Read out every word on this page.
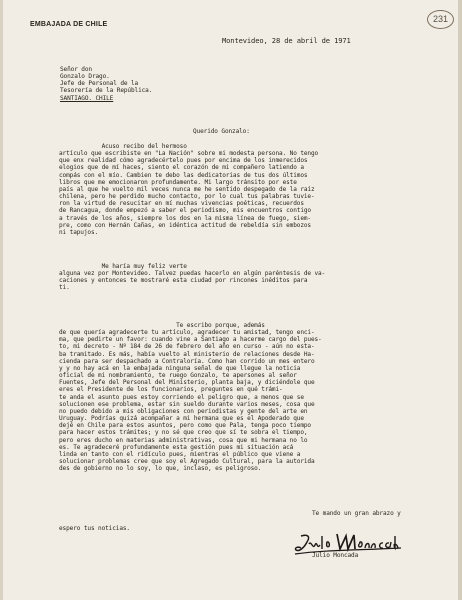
EMBAJADA DE CHILE
231
Montevideo, 28 de abril de 1971
Señor don
Gonzalo Drago.
Jefe de Personal de la
Tesorería de la República.
SANTIAGO. CHILE
Querido Gonzalo:
Acuso recibo del hermoso
artículo que escribiste en "La Nación" sobre mi modesta persona. No tengo
que enx realidad cómo agradecértelo pues por encima de los inmerecidos
elogios que de mí haces, siento el corazón de mi compañero latiendo a
compás con el mío. Cambien te debo las dedicatorias de tus dos últimos
libros que me emocionaron profundamente. Mi largo tránsito por este
país al que he vuelto mil veces nunca me he sentido despegado de la raíz
chilena, pero he perdido mucho contacto, por lo cual tus palabras tuvie-
ron la virtud de resucitar en mí muchas vivencias poéticas, recuerdos
de Rancagua, donde empezó a saber el periodismo, mis encuentros contigo
a través de los años, siempre los dos en la misma línea de fuego, siem-
pre, como con Hernán Cañas, en idéntica actitud de rebeldía sin embozos
ni tapujos.
Me haría muy feliz verte
alguna vez por Montevideo. Talvez puedas hacerlo en algún paréntesis de va-
caciones y entonces te mostraré esta ciudad por rincones inéditos para
ti.
Te escribo porque, además
de que quería agradecerte tu artículo, agradecer tu amistad, tengo enci-
ma, que pedirte un favor: cuando vine a Santiago a hacerme cargo del pues-
to, mi decreto - Nº 184 de 26 de febrero del año en curso - aún no esta-
ba tramitado. Es más, había vuelto al ministerio de relaciones desde Ha-
cienda para ser despachado a Contraloría. Como han corrido un mes entero
y y no hay acá en la embajada ninguna señal de que llegue la noticia
oficial de mi nombramiento, te ruego Gonzalo, te apersones al señor
Fuentes, Jefe del Personal del Ministerio, planta baja, y diciéndole que
eres el Presidente de los funcionarios, preguntes en qué trámi-
te anda el asunto pues estoy corriendo el peligro que, a menos que se
solucionen ese problema, estar sin sueldo durante varios meses, cosa que
no puedo debido a mis obligaciones con periodistas y gente del arte en
Uruguay. Podrías quizá acompañar a mi hermana que es el Apoderado que
dejé en Chile para estos asuntos, pero como que Pala, tenga poco tiempo
para hacer estos trámites; y no sé que creo que sí te sobra el tiempo,
pero eres ducho en materias administrativas, cosa que mi hermana no lo
es. Te agradeceré profundamente esta gestión pues mi situación acá
linda en tanto con el ridículo pues, mientras el público que viene a
solucionar problemas cree que soy el Agregado Cultural, para la autorida
des de gobierno no lo soy, lo que, inclaso, es peligroso.
Te mando un gran abrazo y
espero tus noticias.
Julio Moncada
